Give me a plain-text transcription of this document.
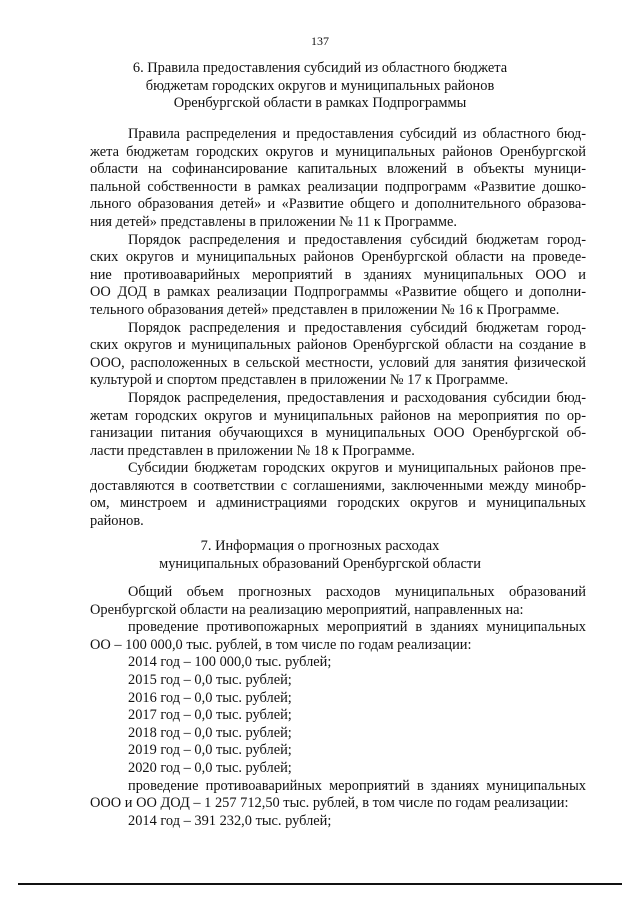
137
6. Правила предоставления субсидий из областного бюджета
бюджетам городских округов и муниципальных районов
Оренбургской области в рамках Подпрограммы
Правила распределения и предоставления субсидий из областного бюд-
жета бюджетам городских округов и муниципальных районов Оренбургской
области на софинансирование капитальных вложений в объекты муници-
пальной собственности в рамках реализации подпрограмм «Развитие дошко-
льного образования детей» и «Развитие общего и дополнительного образова-
ния детей» представлены в приложении № 11 к Программе.
Порядок распределения и предоставления субсидий бюджетам город-
ских округов и муниципальных районов Оренбургской области на проведе-
ние противоаварийных мероприятий в зданиях муниципальных ООО и
ОО ДОД в рамках реализации Подпрограммы «Развитие общего и дополни-
тельного образования детей» представлен в приложении № 16 к Программе.
Порядок распределения и предоставления субсидий бюджетам город-
ских округов и муниципальных районов Оренбургской области на создание в
ООО, расположенных в сельской местности, условий для занятия физической
культурой и спортом представлен в приложении № 17 к Программе.
Порядок распределения, предоставления и расходования субсидии бюд-
жетам городских округов и муниципальных районов на мероприятия по ор-
ганизации питания обучающихся в муниципальных ООО Оренбургской об-
ласти представлен в приложении № 18 к Программе.
Субсидии бюджетам городских округов и муниципальных районов пре-
доставляются в соответствии с соглашениями, заключенными между минобр-
ом, минстроем и администрациями городских округов и муниципальных
районов.
7. Информация о прогнозных расходах
муниципальных образований Оренбургской области
Общий объем прогнозных расходов муниципальных образований
Оренбургской области на реализацию мероприятий, направленных на:
проведение противопожарных мероприятий в зданиях муниципальных
ОО – 100 000,0 тыс. рублей, в том числе по годам реализации:
2014 год – 100 000,0 тыс. рублей;
2015 год – 0,0 тыс. рублей;
2016 год – 0,0 тыс. рублей;
2017 год – 0,0 тыс. рублей;
2018 год – 0,0 тыс. рублей;
2019 год – 0,0 тыс. рублей;
2020 год – 0,0 тыс. рублей;
проведение противоаварийных мероприятий в зданиях муниципальных
ООО и ОО ДОД – 1 257 712,50 тыс. рублей, в том числе по годам реализации:
2014 год – 391 232,0 тыс. рублей;
